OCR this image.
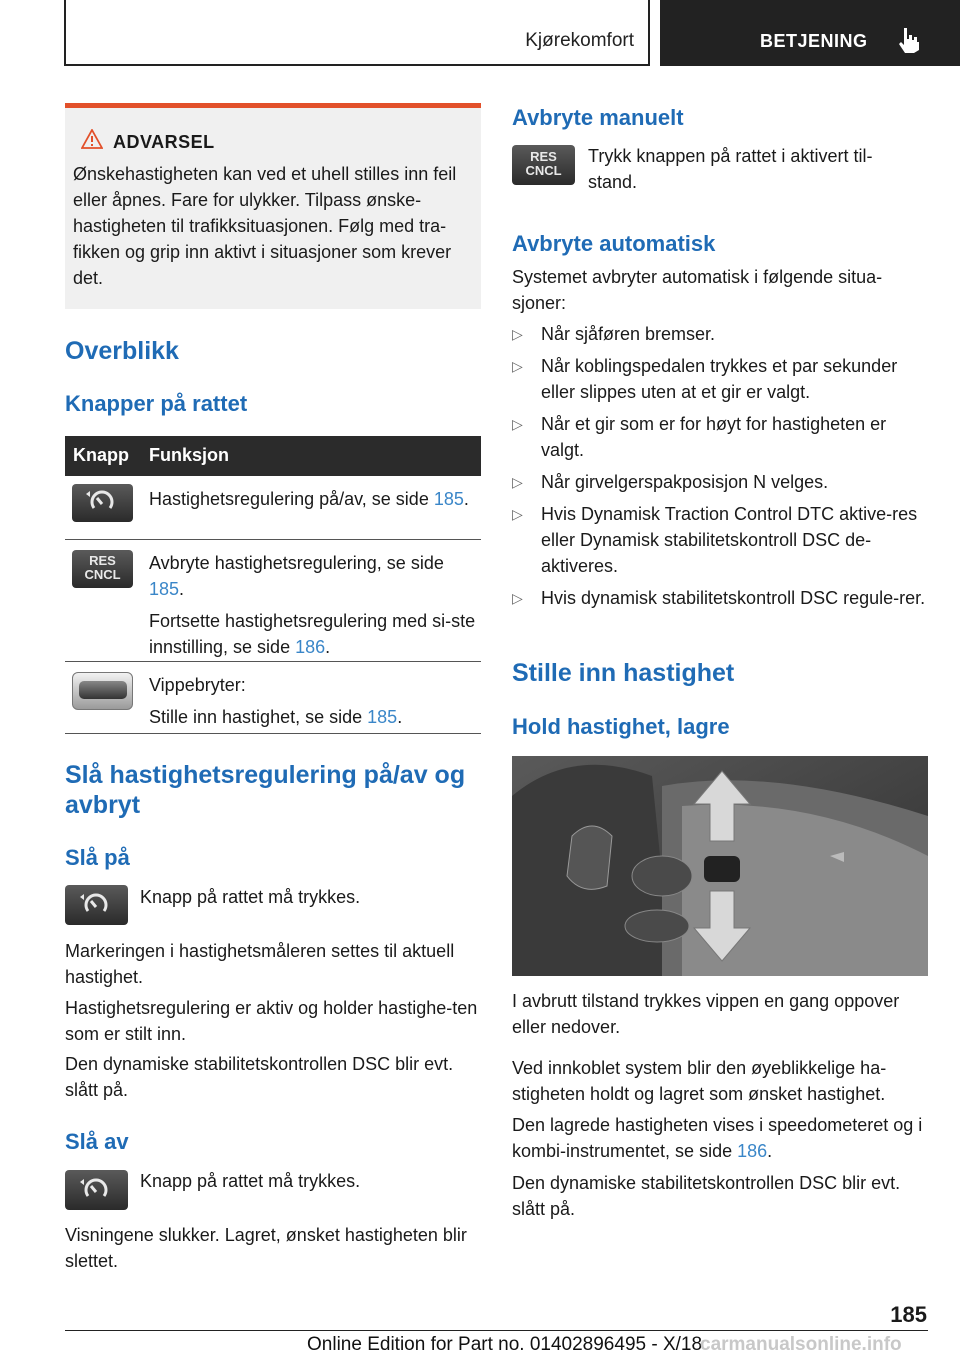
Kjørekomfort	BETJENING
ADVARSEL

Ønskehastigheten kan ved et uhell stilles inn feil eller åpnes. Fare for ulykker. Tilpass ønske-hastigheten til trafikksituasjonen. Følg med tra-fikken og grip inn aktivt i situasjoner som krever det.

Overblikk
Knapper på rattet
Knapp Funksjon

Hastighetsregulering på/av, se side 185.

RES
CNCL

Avbryte hastighetsregulering, se side 185.

Fortsette hastighetsregulering med si-ste innstilling, se side 186.

Vippebryter:

Stille inn hastighet, se side 185.

Slå hastighetsregulering på/av og avbryt
Slå på

Knapp på rattet må trykkes.

Markeringen i hastighetsmåleren settes til aktuell hastighet.

Hastighetsregulering er aktiv og holder hastighe-ten som er stilt inn.

Den dynamiske stabilitetskontrollen DSC blir evt. slått på.

Slå av

Knapp på rattet må trykkes.

Visningene slukker. Lagret, ønsket hastigheten blir slettet.

Avbryte manuelt
RES CNCL

Trykk knappen på rattet i aktivert til-stand.

Avbryte automatisk

Systemet avbryter automatisk i følgende situa-sjoner:

▷ Når sjåføren bremser.
▷ Når koblingspedalen trykkes et par sekunder eller slippes uten at et gir er valgt.
▷ Når et gir som er for høyt for hastigheten er valgt.
▷ Når girvelgerspakposisjon N velges.
▷ Hvis Dynamisk Traction Control DTC aktive-res eller Dynamisk stabilitetskontroll DSC de-aktiveres.
▷ Hvis dynamisk stabilitetskontroll DSC regule-rer.
Stille inn hastighet
Hold hastighet, lagre

I avbrutt tilstand trykkes vippen en gang oppover eller nedover.

Ved innkoblet system blir den øyeblikkelige ha-stigheten holdt og lagret som ønsket hastighet.

Den lagrede hastigheten vises i speedometeret og i kombi-instrumentet, se side 186.

Den dynamiske stabilitetskontrollen DSC blir evt. slått på.

185
Online Edition for Part no. 01402896495 - X/18
carmanualsonline.info
